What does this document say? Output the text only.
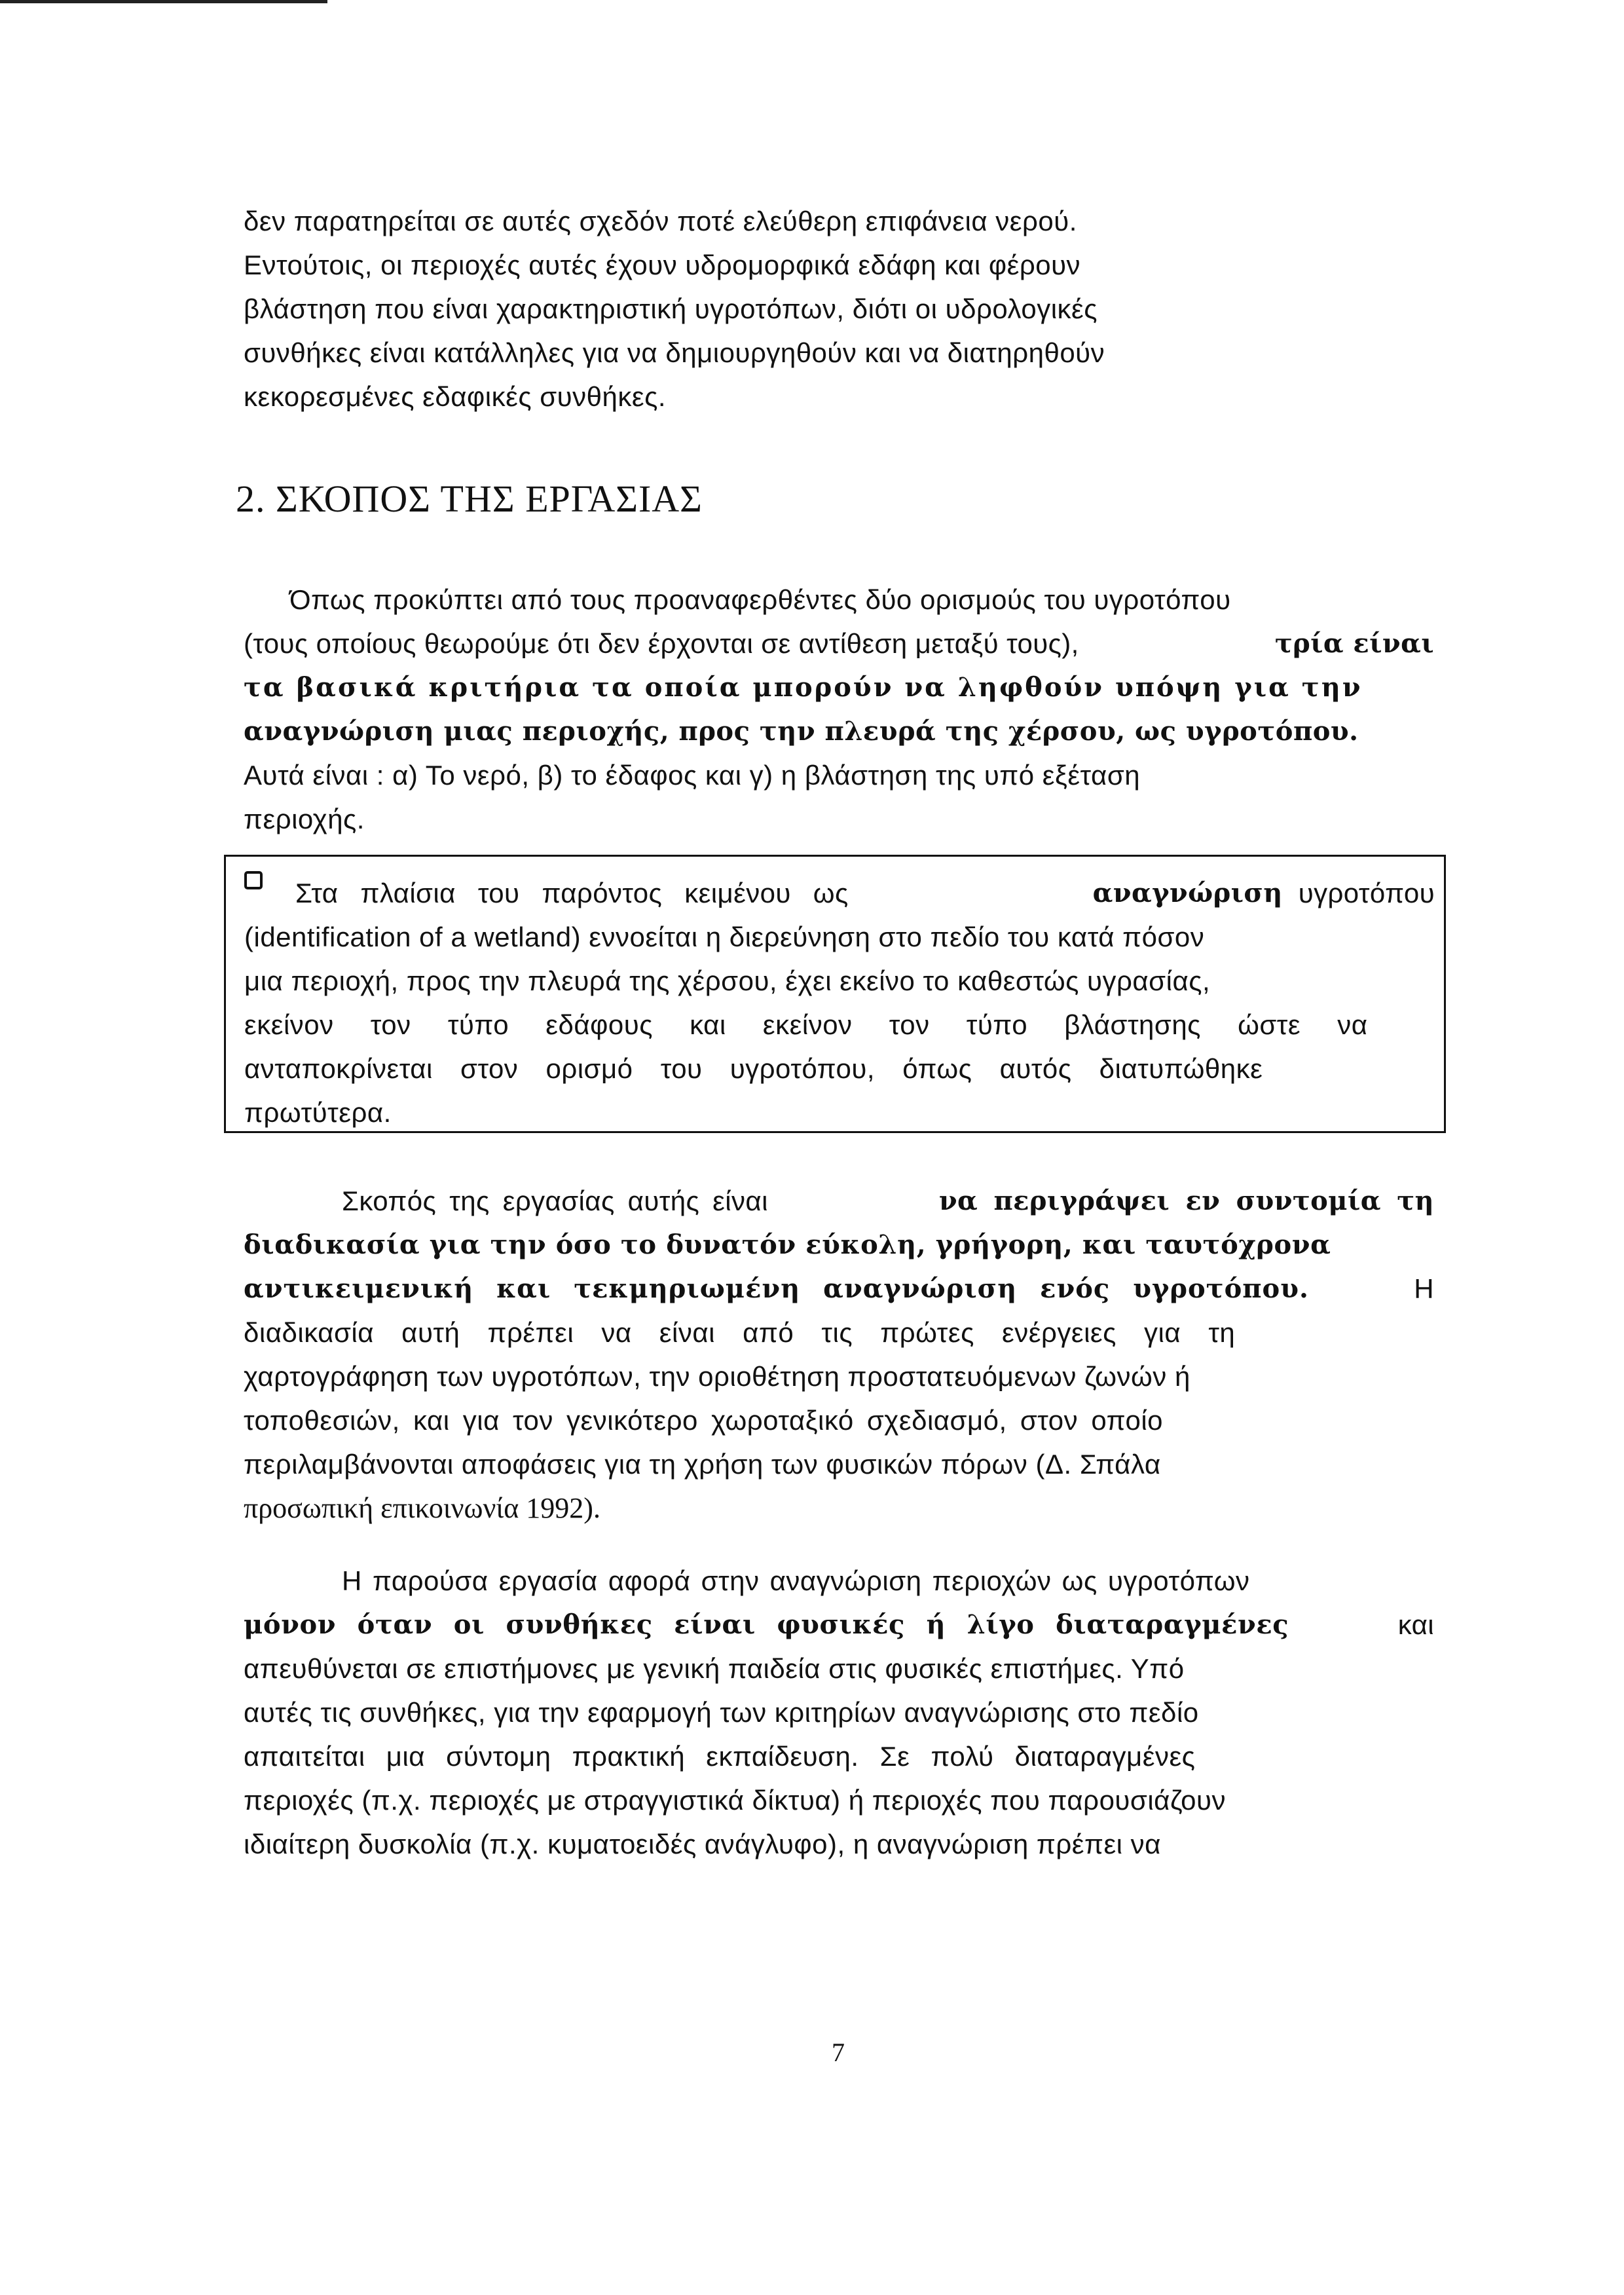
δεν παρατηρείται σε αυτές σχεδόν ποτέ ελεύθερη επιφάνεια νερού.
Εντούτοις, οι περιοχές αυτές έχουν υδρομορφικά εδάφη και φέρουν
βλάστηση που είναι χαρακτηριστική υγροτόπων, διότι οι υδρολογικές
συνθήκες είναι κατάλληλες για να δημιουργηθούν και να διατηρηθούν
κεκορεσμένες εδαφικές συνθήκες.
2. ΣΚΟΠΟΣ ΤΗΣ ΕΡΓΑΣΙΑΣ
Όπως προκύπτει από τους προαναφερθέντες δύο ορισμούς του υγροτόπου
(τους οποίους θεωρούμε ότι δεν έρχονται σε αντίθεση μεταξύ τους),
	τρία είναι
τα βασικά κριτήρια τα οποία μπορούν να ληφθούν υπόψη για την
αναγνώριση μιας περιοχής, προς την πλευρά της χέρσου, ως υγροτόπου.
Αυτά είναι : α) Το νερό, β) το έδαφος και γ) η βλάστηση της υπό εξέταση
περιοχής.
Στα πλαίσια του παρόντος κειμένου ως	αναγνώριση υγροτόπου
(identification of a wetland) εννοείται η διερεύνηση στο πεδίο του κατά πόσον
μια περιοχή, προς την πλευρά της χέρσου, έχει εκείνο το καθεστώς υγρασίας,
εκείνον τον τύπο εδάφους και εκείνον τον τύπο βλάστησης ώστε να
ανταποκρίνεται στον ορισμό του υγροτόπου, όπως αυτός διατυπώθηκε
πρωτύτερα.
Σκοπός της εργασίας αυτής είναι	να περιγράψει εν συντομία τη
διαδικασία για την όσο το δυνατόν εύκολη, γρήγορη, και ταυτόχρονα
αντικειμενική και τεκμηριωμένη αναγνώριση ενός υγροτόπου.	Η
διαδικασία αυτή πρέπει να είναι από τις πρώτες ενέργειες για τη
χαρτογράφηση των υγροτόπων, την οριοθέτηση προστατευόμενων ζωνών ή
τοποθεσιών, και για τον γενικότερο χωροταξικό σχεδιασμό, στον οποίο
περιλαμβάνονται αποφάσεις για τη χρήση των φυσικών πόρων (Δ. Σπάλα
προσωπική επικοινωνία 1992).
Η παρούσα εργασία αφορά στην αναγνώριση περιοχών ως υγροτόπων
μόνον όταν οι συνθήκες είναι φυσικές ή λίγο διαταραγμένες	και
απευθύνεται σε επιστήμονες με γενική παιδεία στις φυσικές επιστήμες. Υπό
αυτές τις συνθήκες, για την εφαρμογή των κριτηρίων αναγνώρισης στο πεδίο
απαιτείται μια σύντομη πρακτική εκπαίδευση. Σε πολύ διαταραγμένες
περιοχές (π.χ. περιοχές με στραγγιστικά δίκτυα) ή περιοχές που παρουσιάζουν
ιδιαίτερη δυσκολία (π.χ. κυματοειδές ανάγλυφο), η αναγνώριση πρέπει να
7
